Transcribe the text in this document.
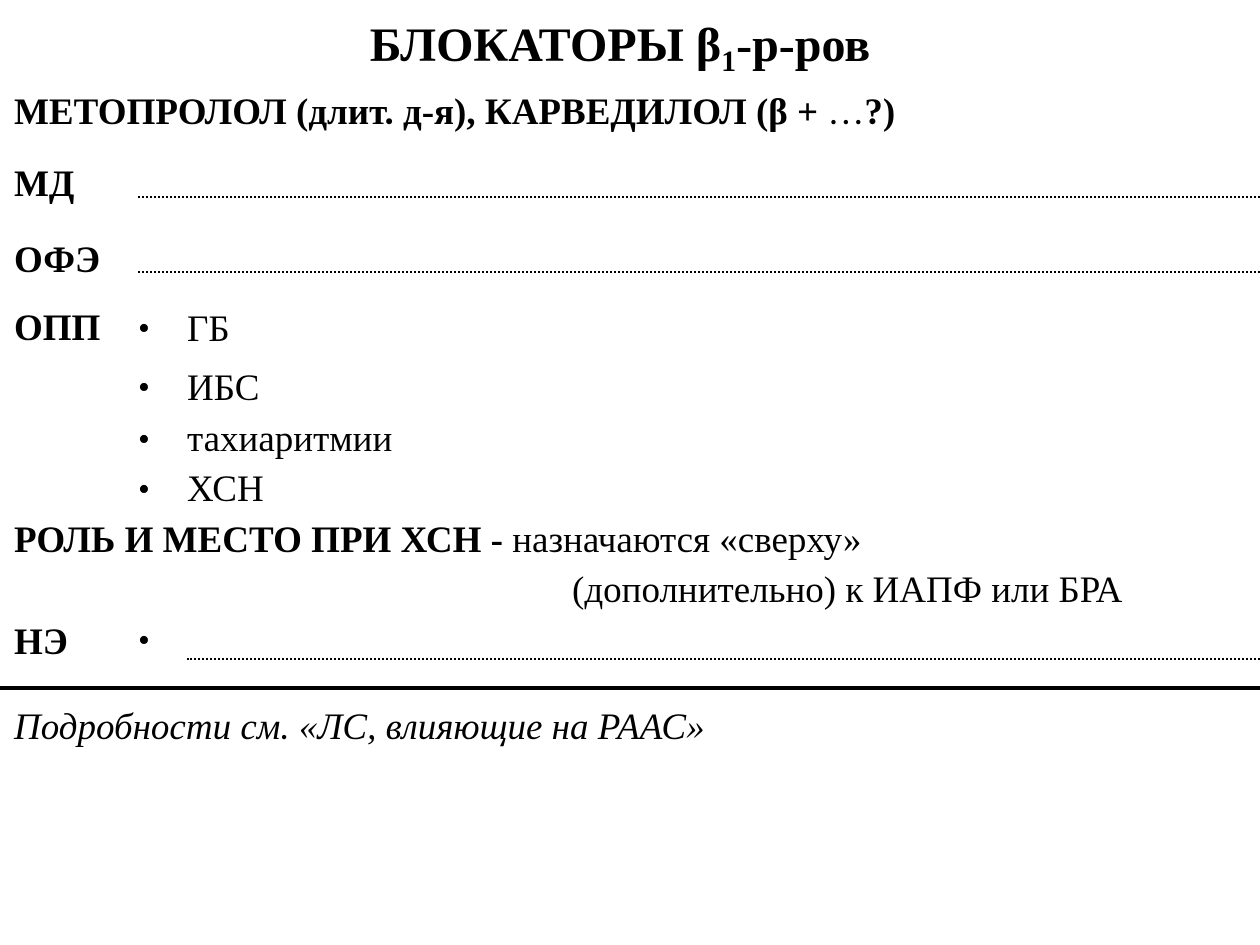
БЛОКАТОРЫ $\beta_1-р$-ров
МЕТОПРОЛОЛ (длит. д-я), КАРВЕДИЛОЛ (β + …?)
МД
ОФЭ
ОПП • ГБ
• ИБС
• тахиаритмии
• ХСН
РОЛЬ И МЕСТО ПРИ ХСН - назначаются «сверху»
(дополнительно) к ИАПФ или БРА
НЭ •
Подробности см. «ЛС, влияющие на РААС»
